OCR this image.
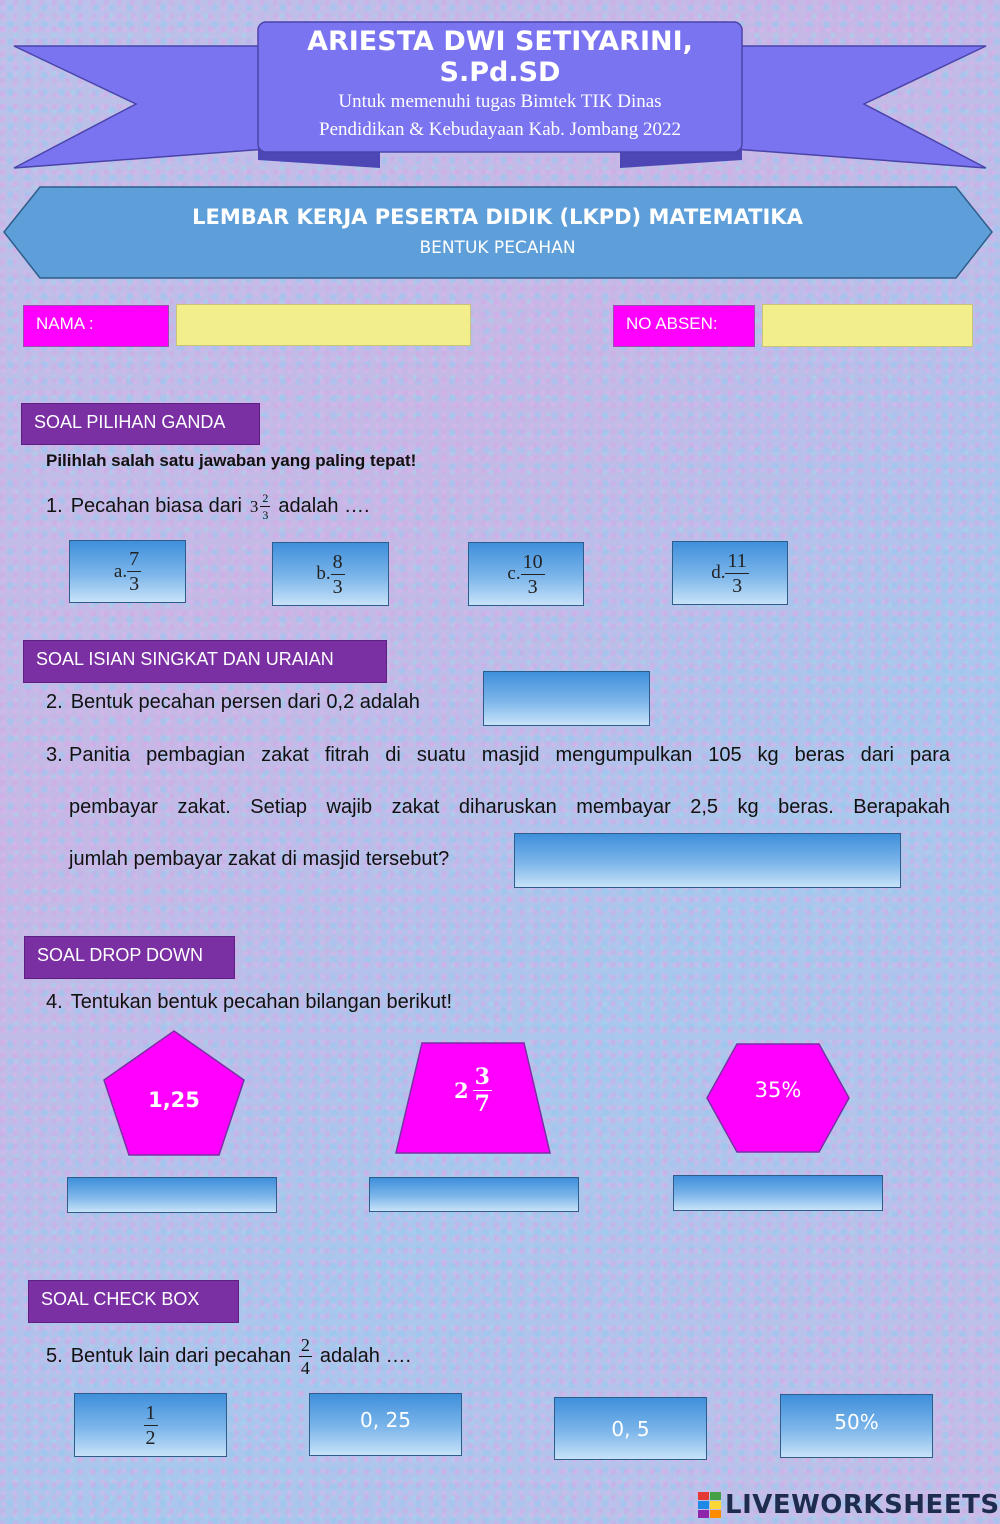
ARIESTA DWI SETIYARINI, S.Pd.SD
Untuk memenuhi tugas Bimtek TIK Dinas
Pendidikan & Kebudayaan Kab. Jombang 2022
LEMBAR KERJA PESERTA DIDIK (LKPD) MATEMATIKA
BENTUK PECAHAN
NAMA :	NO ABSEN:
SOAL PILIHAN GANDA
Pilihlah salah satu jawaban yang paling tepat!
1. Pecahan biasa dari $3 \frac{2}{3}$ adalah ….
a. $\frac{7}{3}$	b. $\frac{8}{3}$	c. $\frac{10}{3}$	d. $\frac{11}{3}$
SOAL ISIAN SINGKAT DAN URAIAN
2. Bentuk pecahan persen dari 0,2 adalah
3. Panitia pembagian zakat fitrah di suatu masjid mengumpulkan 105 kg beras dari para
pembayar zakat. Setiap wajib zakat diharuskan membayar 2,5 kg beras. Berapakah
jumlah pembayar zakat di masjid tersebut?
SOAL DROP DOWN
4. Tentukan bentuk pecahan bilangan berikut!
1,25	$2 \frac{3}{7}$	35%
SOAL CHECK BOX
5. Bentuk lain dari pecahan $\frac{2}{4}$ adalah ….
$\frac{1}{2}$	0, 25	0, 5	50%
LIVEWORKSHEETS
